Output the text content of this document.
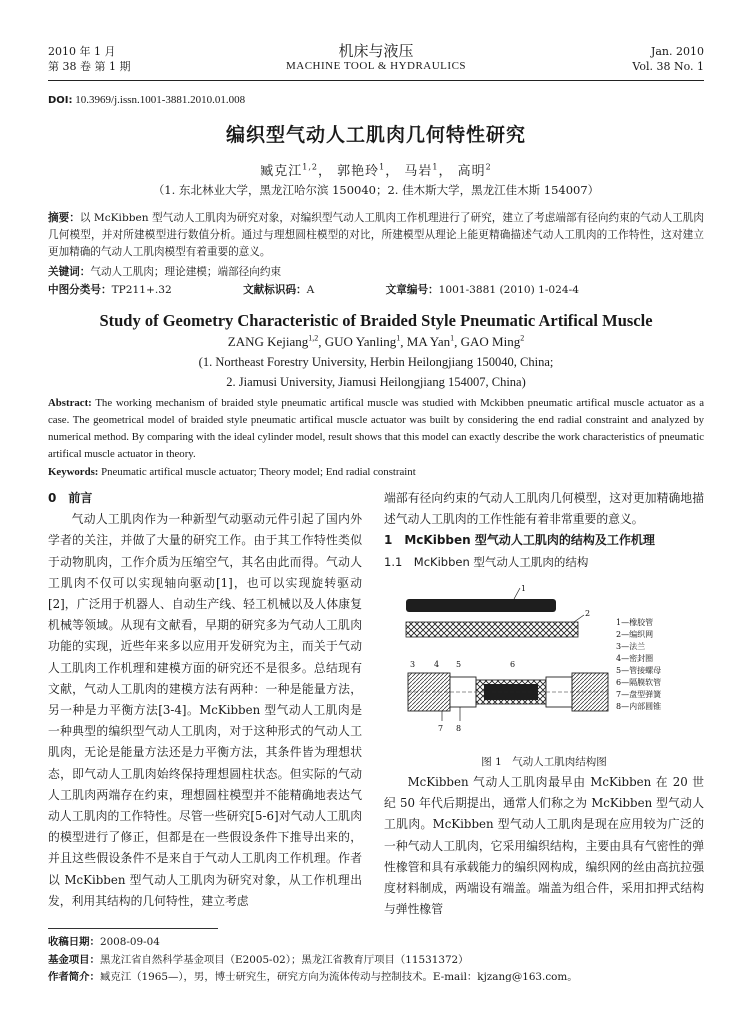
2010 年 1 月
第 38 卷 第 1 期
机床与液压
MACHINE TOOL & HYDRAULICS
Jan. 2010
Vol. 38 No. 1
DOI: 10.3969/j.issn.1001-3881.2010.01.008
编织型气动人工肌肉几何特性研究
臧克江$^{1,2}$， 郭艳玲$^1$， 马岩$^1$， 高明$^2$
（1. 东北林业大学，黑龙江哈尔滨 150040；2. 佳木斯大学，黑龙江佳木斯 154007）
摘要：以 McKibben 型气动人工肌肉为研究对象，对编织型气动人工肌肉工作机理进行了研究，建立了考虑端部有径向约束的气动人工肌肉几何模型，并对所建模型进行数值分析。通过与理想圆柱模型的对比，所建模型从理论上能更精确描述气动人工肌肉的工作特性，这对建立更加精确的气动人工肌肉模型有着重要的意义。
关键词：气动人工肌肉；理论建模；端部径向约束
中图分类号：TP211+.32	文献标识码：A	文章编号：1001-3881 (2010) 1-024-4
Study of Geometry Characteristic of Braided Style Pneumatic Artifical Muscle
ZANG Kejiang$^{1,2}$, GUO Yanling$^1$, MA Yan$^1$, GAO Ming$^2$
(1. Northeast Forestry University, Herbin Heilongjiang 150040, China;
2. Jiamusi University, Jiamusi Heilongjiang 154007, China)
Abstract: The working mechanism of braided style pneumatic artifical muscle was studied with Mckibben pneumatic artifical muscle actuator as a case. The geometrical model of braided style pneumatic artifical muscle actuator was built by considering the end radial constraint and analyzed by numerical method. By comparing with the ideal cylinder model, result shows that this model can exactly describe the work characteristics of pneumatic artifical muscle actuator in theory.
Keywords: Pneumatic artifical muscle actuator; Theory model; End radial constraint

0　前言

气动人工肌肉作为一种新型气动驱动元件引起了国内外学者的关注，并做了大量的研究工作。由于其工作特性类似于动物肌肉，工作介质为压缩空气，其名由此而得。气动人工肌肉不仅可以实现轴向驱动[1]，也可以实现旋转驱动[2]，广泛用于机器人、自动生产线、轻工机械以及人体康复机械等领域。从现有文献看，早期的研究多为气动人工肌肉功能的实现，近些年来多以应用开发研究为主，而关于气动人工肌肉工作机理和建模方面的研究还不是很多。总结现有文献，气动人工肌肉的建模方法有两种：一种是能量方法，另一种是力平衡方法[3-4]。McKibben 型气动人工肌肉是一种典型的编织型气动人工肌肉，对于这种形式的气动人工肌肉，无论是能量方法还是力平衡方法，其条件皆为理想状态，即气动人工肌肉始终保持理想圆柱状态。但实际的气动人工肌肉两端存在约束，理想圆柱模型并不能精确地表达气动人工肌肉的工作特性。尽管一些研究[5-6]对气动人工肌肉的模型进行了修正，但都是在一些假设条件下推导出来的，并且这些假设条件不是来自于气动人工肌肉工作机理。作者以 McKibben 型气动人工肌肉为研究对象，从工作机理出发，利用其结构的几何特性，建立考虑

端部有径向约束的气动人工肌肉几何模型，这对更加精确地描述气动人工肌肉的工作性能有着非常重要的意义。

1　McKibben 型气动人工肌肉的结构及工作机理

1.1　McKibben 型气动人工肌肉的结构

1
2
3 4 5	6
7 8
1—橡胶管
2—编织网
3—法兰
4—密封圈
5—管接螺母
6—隔膜软管
7—盘型弹簧
8—内部圆锥
图 1　气动人工肌肉结构图

McKibben 气动人工肌肉最早由 McKibben 在 20 世纪 50 年代后期提出，通常人们称之为 McKibben 型气动人工肌肉。McKibben 型气动人工肌肉是现在应用较为广泛的一种气动人工肌肉，它采用编织结构，主要由具有气密性的弹性橡管和具有承载能力的编织网构成，编织网的丝由高抗拉强度材料制成，两端设有端盖。端盖为组合件，采用扣押式结构与弹性橡管

收稿日期：2008-09-04
基金项目：黑龙江省自然科学基金项目（E2005-02）；黑龙江省教育厅项目（11531372）
作者简介：臧克江（1965—），男，博士研究生，研究方向为流体传动与控制技术。E-mail：kjzang@163.com。
